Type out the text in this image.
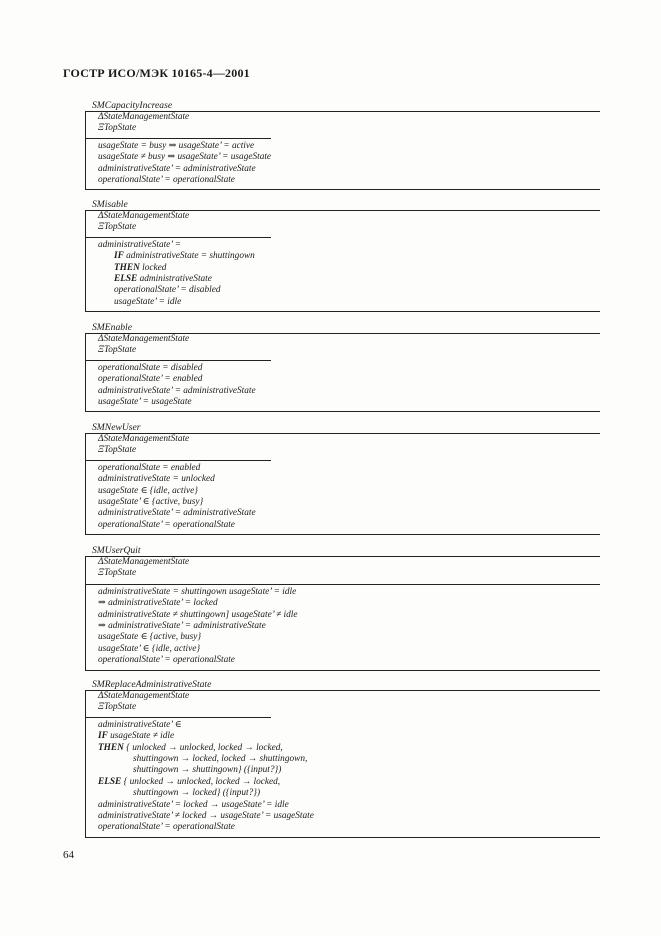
ГОСТР ИСО/МЭК 10165-4—2001
SMCapacityIncrease
ΔStateManagementState
ΞTopState
usageState = busy ⇒ usageState’ = active
usageState ≠ busy ⇒ usageState’ = usageState
administrativeState’ = administrativeState
operationalState’ = operationalState
SMisable
ΔStateManagementState
ΞTopState
administrativeState’ =
IF administrativeState = shuttingown
THEN locked
ELSE administrativeState
operationalState’ = disabled
usageState’ = idle
SMEnable
ΔStateManagementState
ΞTopState
operationalState = disabled
operationalState’ = enabled
administrativeState’ = administrativeState
usageState’ = usageState
SMNewUser
ΔStateManagementState
ΞTopState
operationalState = enabled
administrativeState = unlocked
usageState ∈ {idle, active}
usageState’ ∈ {active, busy}
administrativeState’ = administrativeState
operationalState’ = operationalState
SMUserQuit
ΔStateManagementState
ΞTopState
administrativeState = shuttingown usageState’ = idle
⇒ administrativeState’ = locked
administrativeState ≠ shuttingown] usageState’ ≠ idle
⇒ administrativeState’ = administrativeState
usageState ∈ {active, busy}
usageState’ ∈ {idle, active}
operationalState’ = operationalState
SMReplaceAdministrativeState
ΔStateManagementState
ΞTopState
administrativeState’ ∈
IF usageState ≠ idle
THEN { unlocked → unlocked, locked → locked,
shuttingown → locked, locked → shuttingown,
shuttingown → shuttingown} ({input?})
ELSE { unlocked → unlocked, locked → locked,
shuttingown → locked} ({input?})
administrativeState’ = locked → usageState’ = idle
administrativeState’ ≠ locked → usageState’ = usageState
operationalState’ = operationalState
64
